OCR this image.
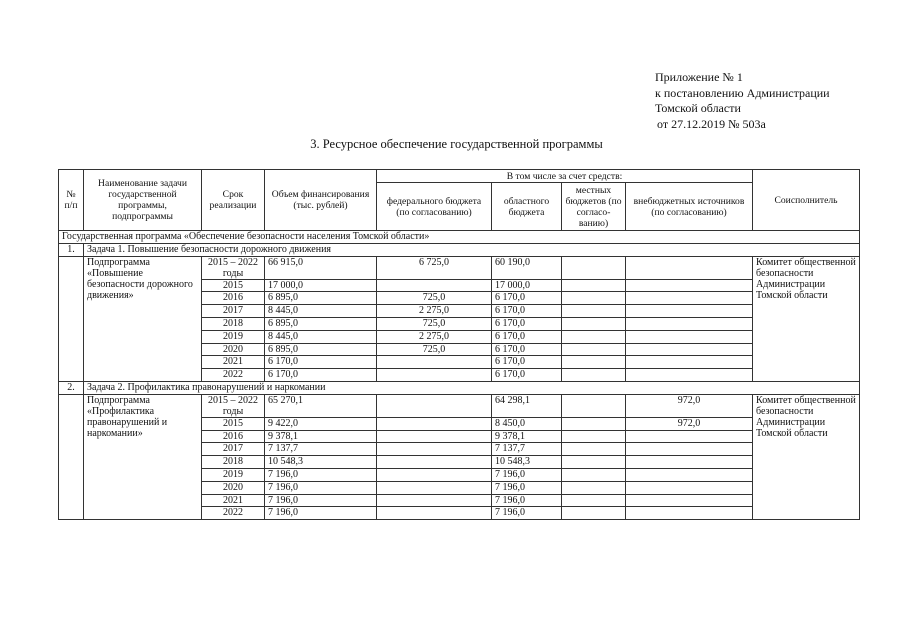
Приложение № 1
к постановлению Администрации
Томской области
от 27.12.2019 № 503а
3. Ресурсное обеспечение государственной программы
№ п/п	Наименование задачи государственной программы, подпрограммы	Срок реализации	Объем финансирования (тыс. рублей)	В том числе за счет средств:				Соисполнитель
				федерального бюджета (по согласованию)	областного бюджета	местных бюджетов (по согласо-ванию)	внебюджетных источников (по согласованию)	
Государственная программа «Обеспечение безопасности населения Томской области»								
1.	Задача 1. Повышение безопасности дорожного движения							
	Подпрограмма «Повышение безопасности дорожного движения»	2015 – 2022 годы	66 915,0	6 725,0	60 190,0			Комитет общественной безопасности Администрации Томской области
		2015	17 000,0		17 000,0			
		2016	6 895,0	725,0	6 170,0			
		2017	8 445,0	2 275,0	6 170,0			
		2018	6 895,0	725,0	6 170,0			
		2019	8 445,0	2 275,0	6 170,0			
		2020	6 895,0	725,0	6 170,0			
		2021	6 170,0		6 170,0			
		2022	6 170,0		6 170,0			
2.	Задача 2. Профилактика правонарушений и наркомании							
	Подпрограмма «Профилактика правонарушений и наркомании»	2015 – 2022 годы	65 270,1		64 298,1		972,0	Комитет общественной безопасности Администрации Томской области
		2015	9 422,0		8 450,0		972,0	
		2016	9 378,1		9 378,1			
		2017	7 137,7		7 137,7			
		2018	10 548,3		10 548,3			
		2019	7 196,0		7 196,0			
		2020	7 196,0		7 196,0			
		2021	7 196,0		7 196,0			
		2022	7 196,0		7 196,0			
